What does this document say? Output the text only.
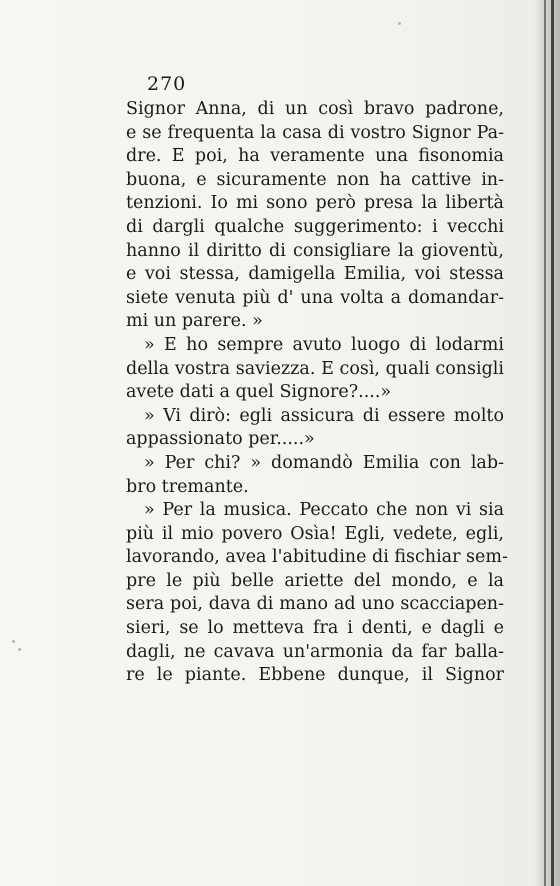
270
Signor Anna, di un così bravo padrone,
e se frequenta la casa di vostro Signor Pa-
dre. E poi, ha veramente una fisonomia
buona, e sicuramente non ha cattive in-
tenzioni. Io mi sono però presa la libertà
di dargli qualche suggerimento: i vecchi
hanno il diritto di consigliare la gioventù,
e voi stessa, damigella Emilia, voi stessa
siete venuta più d' una volta a domandar-
mi un parere. »
» E ho sempre avuto luogo di lodarmi
della vostra saviezza. E così, quali consigli
avete dati a quel Signore?....»
» Vi dirò: egli assicura di essere molto
appassionato per.....»
» Per chi? » domandò Emilia con lab-
bro tremante.
» Per la musica. Peccato che non vi sia
più il mio povero Osìa! Egli, vedete, egli,
lavorando, avea l'abitudine di fischiar sem-
pre le più belle ariette del mondo, e la
sera poi, dava di mano ad uno scacciapen-
sieri, se lo metteva fra i denti, e dagli e
dagli, ne cavava un'armonia da far balla-
re le piante. Ebbene dunque, il Signor
